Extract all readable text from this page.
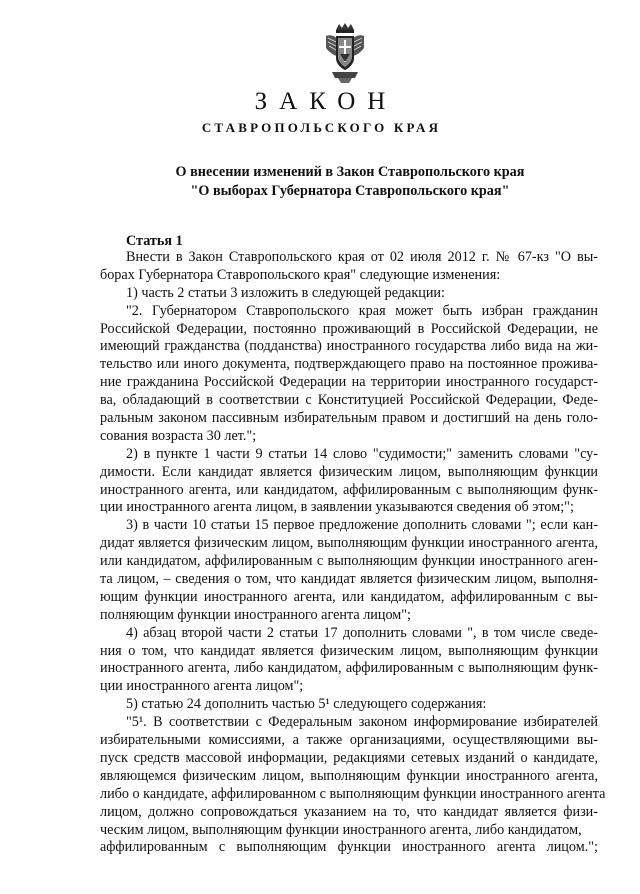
ЗАКОН
СТАВРОПОЛЬСКОГО КРАЯ
О внесении изменений в Закон Ставропольского края
"О выборах Губернатора Ставропольского края"
Статья 1
Внести в Закон Ставропольского края от 02 июля 2012 г. № 67-кз "О вы-
борах Губернатора Ставропольского края" следующие изменения:
1) часть 2 статьи 3 изложить в следующей редакции:
"2. Губернатором Ставропольского края может быть избран гражданин
Российской Федерации, постоянно проживающий в Российской Федерации, не
имеющий гражданства (подданства) иностранного государства либо вида на жи-
тельство или иного документа, подтверждающего право на постоянное прожива-
ние гражданина Российской Федерации на территории иностранного государст-
ва, обладающий в соответствии с Конституцией Российской Федерации, Феде-
ральным законом пассивным избирательным правом и достигший на день голо-
сования возраста 30 лет.";
2) в пункте 1 части 9 статьи 14 слово "судимости;" заменить словами "су-
димости. Если кандидат является физическим лицом, выполняющим функции
иностранного агента, или кандидатом, аффилированным с выполняющим функ-
ции иностранного агента лицом, в заявлении указываются сведения об этом;";
3) в части 10 статьи 15 первое предложение дополнить словами "; если кан-
дидат является физическим лицом, выполняющим функции иностранного агента,
или кандидатом, аффилированным с выполняющим функции иностранного аген-
та лицом, – сведения о том, что кандидат является физическим лицом, выполня-
ющим функции иностранного агента, или кандидатом, аффилированным с вы-
полняющим функции иностранного агента лицом";
4) абзац второй части 2 статьи 17 дополнить словами ", в том числе сведе-
ния о том, что кандидат является физическим лицом, выполняющим функции
иностранного агента, либо кандидатом, аффилированным с выполняющим функ-
ции иностранного агента лицом";
5) статью 24 дополнить частью 5¹ следующего содержания:
"5¹. В соответствии с Федеральным законом информирование избирателей
избирательными комиссиями, а также организациями, осуществляющими вы-
пуск средств массовой информации, редакциями сетевых изданий о кандидате,
являющемся физическим лицом, выполняющим функции иностранного агента,
либо о кандидате, аффилированном с выполняющим функции иностранного агента
лицом, должно сопровождаться указанием на то, что кандидат является физи-
ческим лицом, выполняющим функции иностранного агента, либо кандидатом,
аффилированным с выполняющим функции иностранного агента лицом.";
